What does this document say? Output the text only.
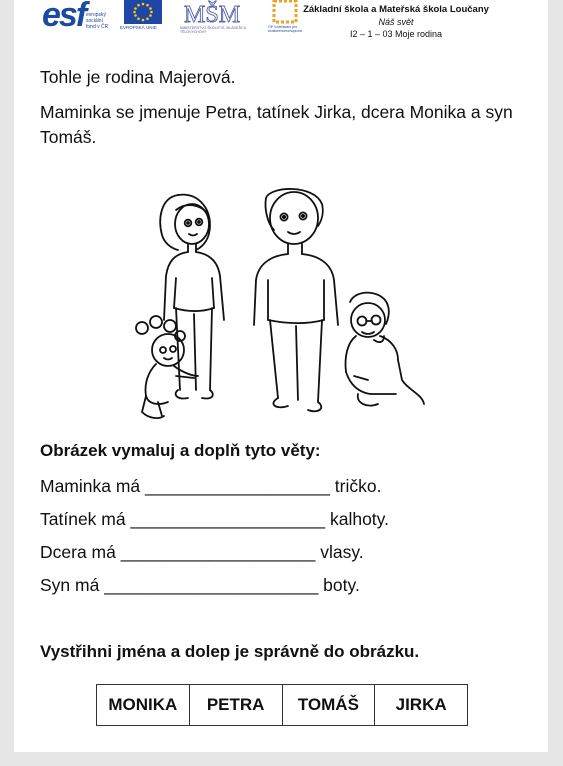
esf evropský
sociální
fond v ČR	EVROPSKÁ UNIE MŠM
MINISTERSTVO ŠKOLSTVÍ, MLÁDEŽE A TĚLOVÝCHOVY
OP Vzdělávání pro konkurenceschopnost
Základní škola a Mateřská škola Loučany
Náš svět
I2 – 1 – 03 Moje rodina
Tohle je rodina Majerová.
Maminka se jmenuje Petra, tatínek Jirka, dcera Monika a syn Tomáš.
Obrázek vymaluj a doplň tyto věty:
Maminka má ___________________ tričko.
Tatínek má ____________________ kalhoty.
Dcera má ____________________ vlasy.
Syn má ______________________ boty.
Vystřihni jména a dolep je správně do obrázku.
MONIKA	PETRA	TOMÁŠ	JIRKA
